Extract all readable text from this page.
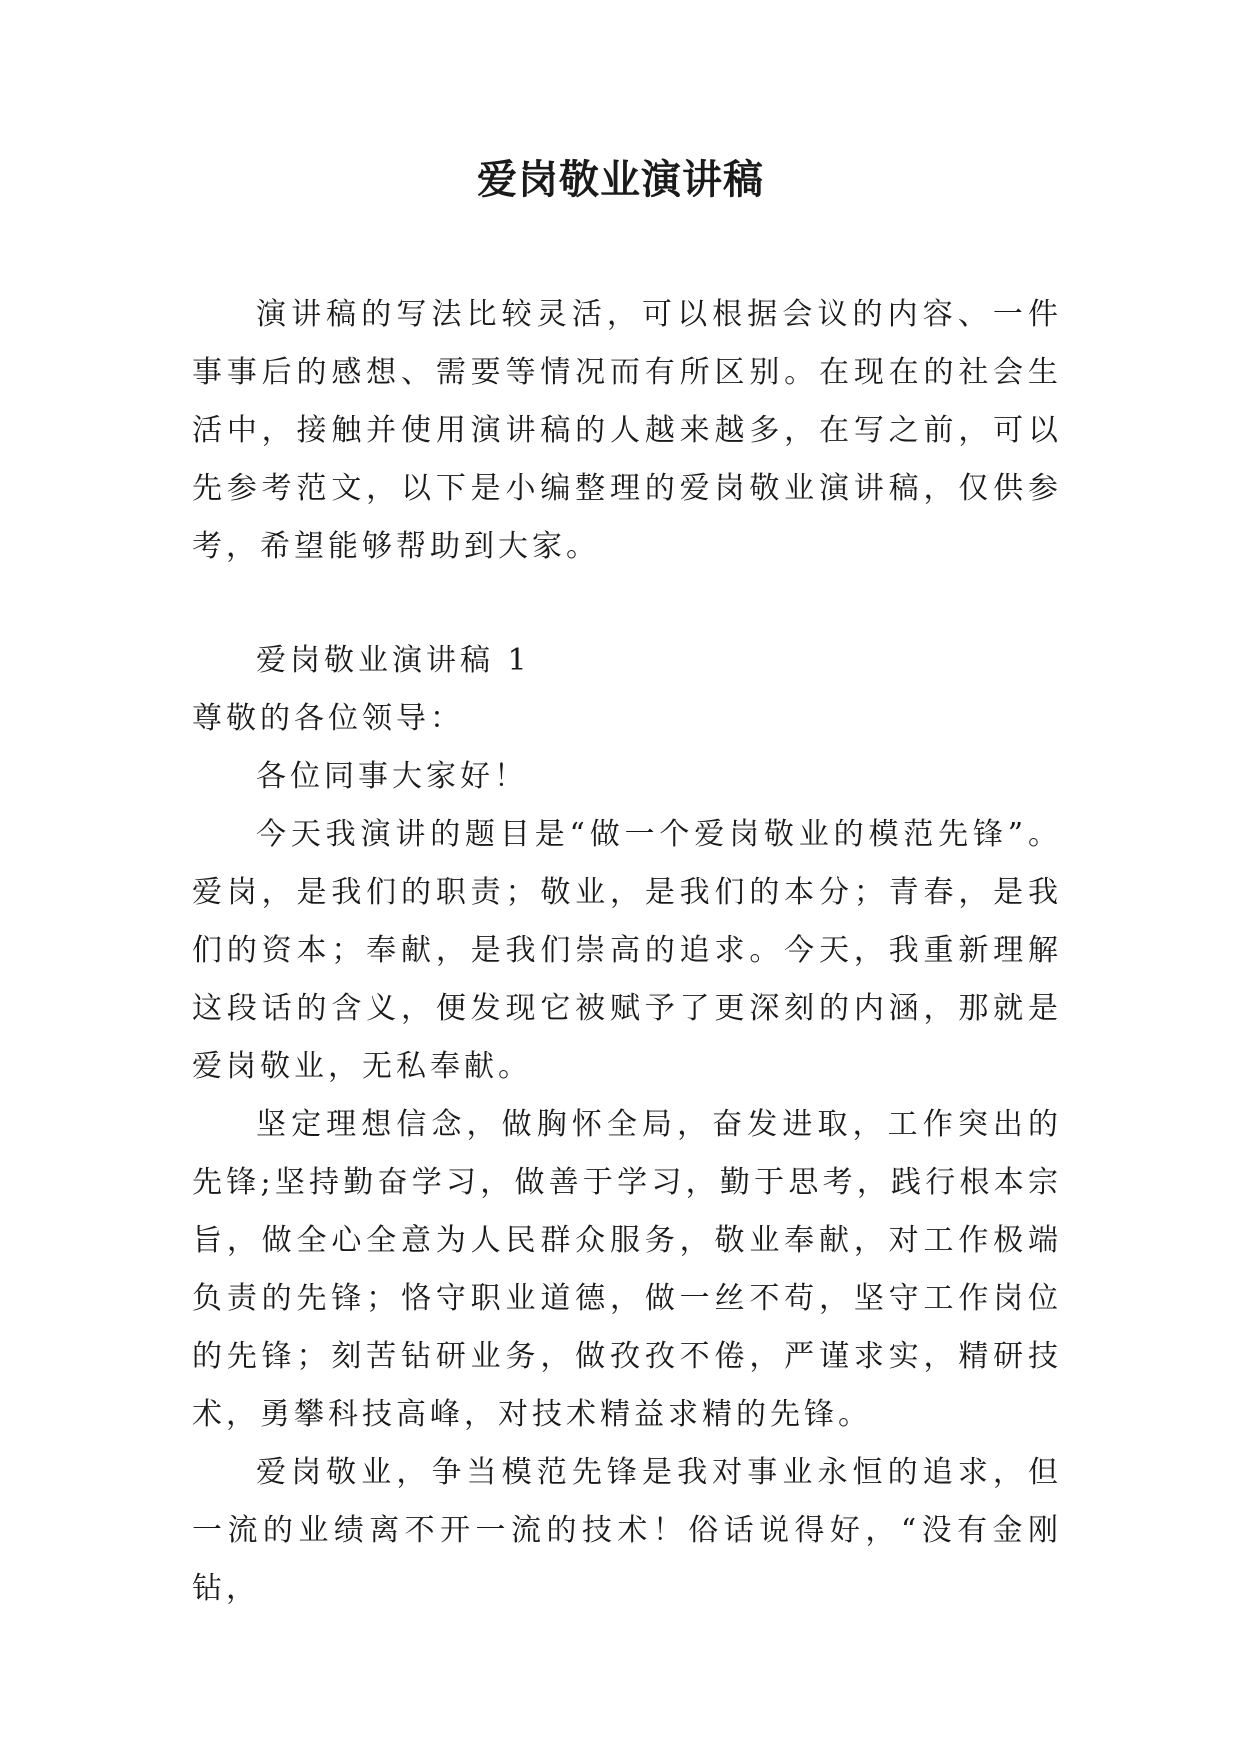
爱岗敬业演讲稿

演讲稿的写法比较灵活，可以根据会议的内容、一件事事后的感想、需要等情况而有所区别。在现在的社会生活中，接触并使用演讲稿的人越来越多，在写之前，可以先参考范文，以下是小编整理的爱岗敬业演讲稿，仅供参考，希望能够帮助到大家。

爱岗敬业演讲稿 1

尊敬的各位领导：

各位同事大家好！

今天我演讲的题目是“做一个爱岗敬业的模范先锋”。爱岗，是我们的职责；敬业，是我们的本分；青春，是我们的资本；奉献，是我们崇高的追求。今天，我重新理解这段话的含义，便发现它被赋予了更深刻的内涵，那就是爱岗敬业，无私奉献。

坚定理想信念，做胸怀全局，奋发进取，工作突出的先锋;坚持勤奋学习，做善于学习，勤于思考，践行根本宗旨，做全心全意为人民群众服务，敬业奉献，对工作极端负责的先锋；恪守职业道德，做一丝不苟，坚守工作岗位的先锋；刻苦钻研业务，做孜孜不倦，严谨求实，精研技术，勇攀科技高峰，对技术精益求精的先锋。

爱岗敬业，争当模范先锋是我对事业永恒的追求，但一流的业绩离不开一流的技术！俗话说得好，“没有金刚钻，
